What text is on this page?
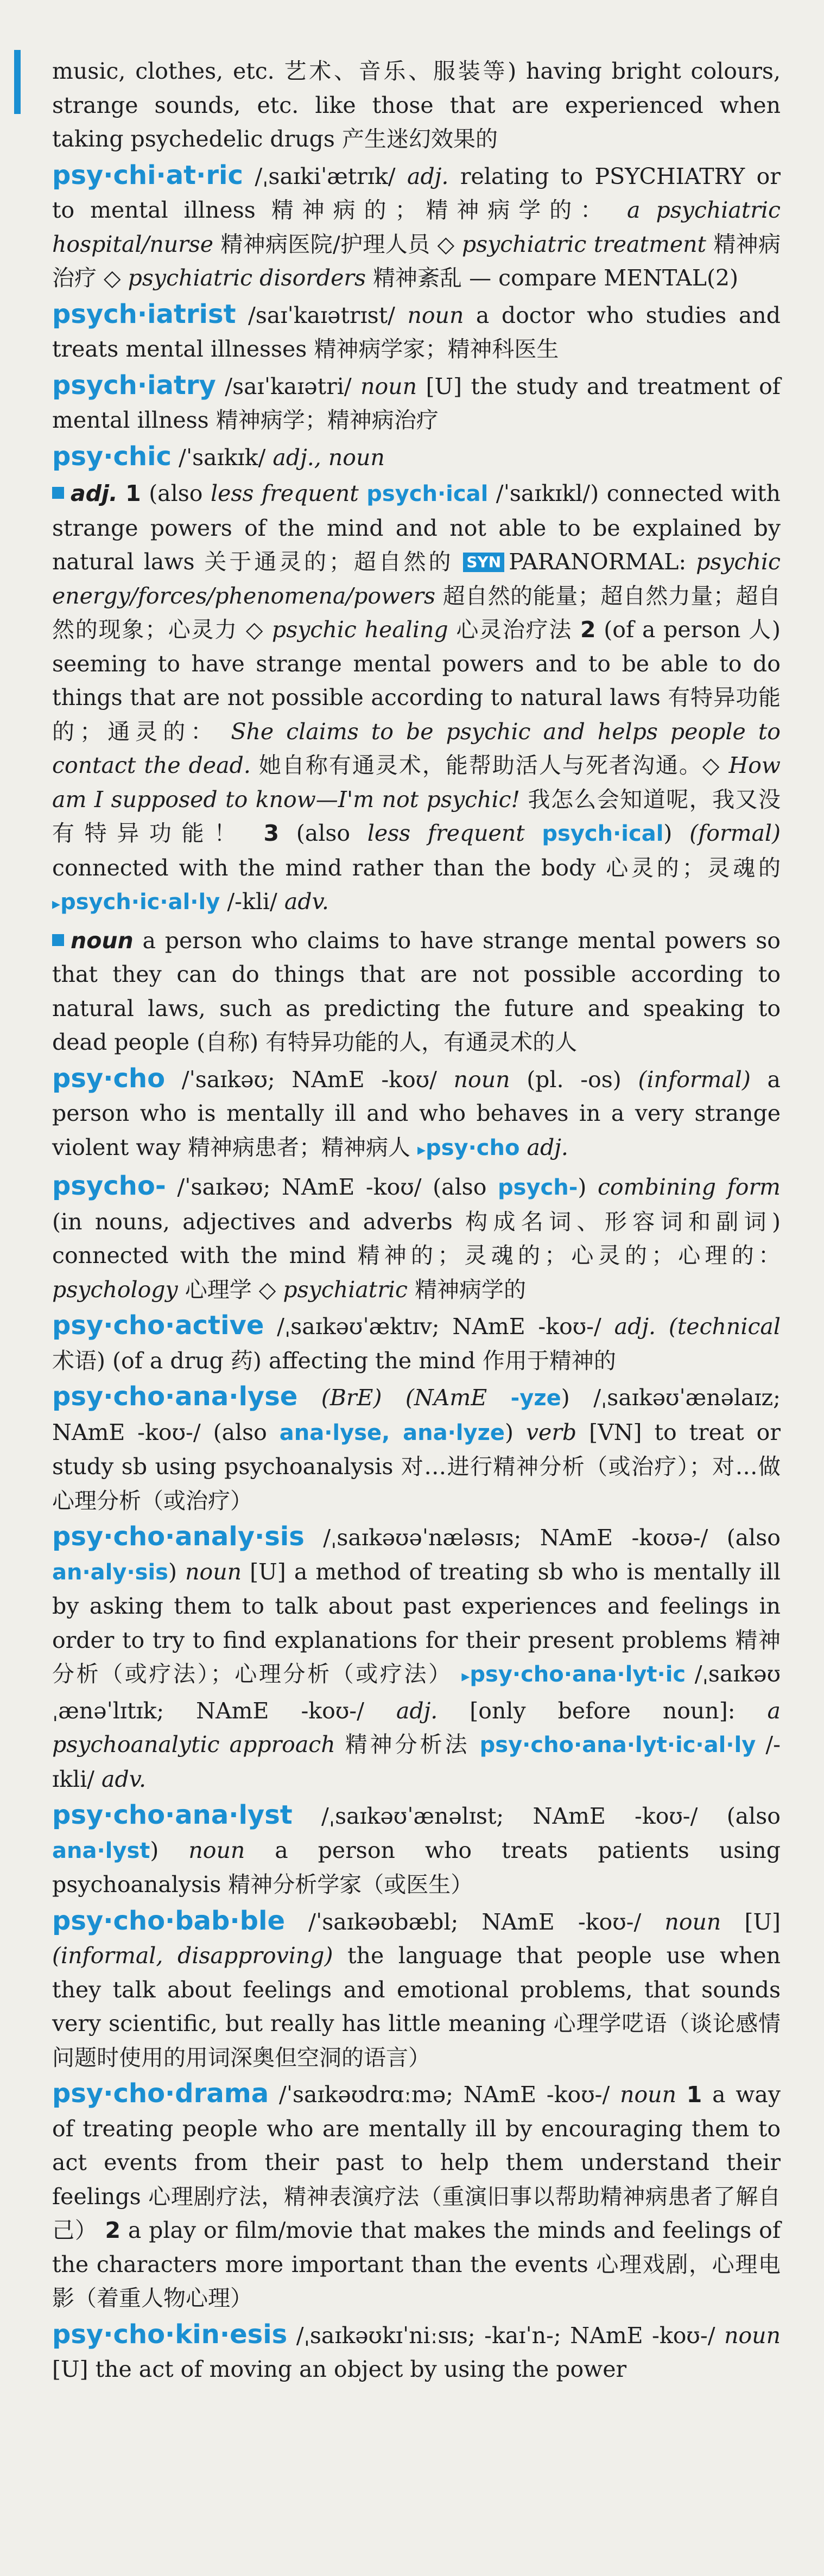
music, clothes, etc. 艺术、音乐、服装等) having bright colours, strange sounds, etc. like those that are experienced when taking psychedelic drugs 产生迷幻效果的

psy·chi·at·ric /ˌsaɪkiˈætrɪk/ adj. relating to PSYCHIATRY or to mental illness 精神病的；精神病学的： a psychiatric hospital/nurse 精神病医院/护理人员 ◇ psychiatric treatment 精神病治疗 ◇ psychiatric disorders 精神紊乱 — compare MENTAL(2)

psych·iatrist /saɪˈkaɪətrɪst/ noun a doctor who studies and treats mental illnesses 精神病学家；精神科医生

psych·iatry /saɪˈkaɪətri/ noun [U] the study and treatment of mental illness 精神病学；精神病治疗

psy·chic /ˈsaɪkɪk/ adj., noun

adj. 1 (also less frequent psych·ical /ˈsaɪkɪkl/) connected with strange powers of the mind and not able to be explained by natural laws 关于通灵的；超自然的 SYN PARANORMAL: psychic energy/forces/phenomena/powers 超自然的能量；超自然力量；超自然的现象；心灵力 ◇ psychic healing 心灵治疗法 2 (of a person 人) seeming to have strange mental powers and to be able to do things that are not possible according to natural laws 有特异功能的；通灵的： She claims to be psychic and helps people to contact the dead. 她自称有通灵术，能帮助活人与死者沟通。◇ How am I supposed to know—I'm not psychic! 我怎么会知道呢，我又没有特异功能！ 3 (also less frequent psych·ical) (formal) connected with the mind rather than the body 心灵的；灵魂的 ▸psych·ic·al·ly /-kli/ adv.

noun a person who claims to have strange mental powers so that they can do things that are not possible according to natural laws, such as predicting the future and speaking to dead people (自称) 有特异功能的人，有通灵术的人

psy·cho /ˈsaɪkəʊ; NAmE -koʊ/ noun (pl. -os) (informal) a person who is mentally ill and who behaves in a very strange violent way 精神病患者；精神病人 ▸psy·cho adj.

psycho- /ˈsaɪkəʊ; NAmE -koʊ/ (also psych-) combining form (in nouns, adjectives and adverbs 构成名词、形容词和副词) connected with the mind 精神的；灵魂的；心灵的；心理的： psychology 心理学 ◇ psychiatric 精神病学的

psy·cho·active /ˌsaɪkəʊˈæktɪv; NAmE -koʊ-/ adj. (technical 术语) (of a drug 药) affecting the mind 作用于精神的

psy·cho·ana·lyse (BrE) (NAmE -yze) /ˌsaɪkəʊˈænəlaɪz; NAmE -koʊ-/ (also ana·lyse, ana·lyze) verb [VN] to treat or study sb using psychoanalysis 对…进行精神分析（或治疗）；对…做心理分析（或治疗）

psy·cho·analy·sis /ˌsaɪkəʊəˈnæləsɪs; NAmE -koʊə-/ (also an·aly·sis) noun [U] a method of treating sb who is mentally ill by asking them to talk about past experiences and feelings in order to try to find explanations for their present problems 精神分析（或疗法）；心理分析（或疗法） ▸psy·cho·ana·lyt·ic /ˌsaɪkəʊˌænəˈlɪtɪk; NAmE -koʊ-/ adj. [only before noun]: a psychoanalytic approach 精神分析法 psy·cho·ana·lyt·ic·al·ly /-ɪkli/ adv.

psy·cho·ana·lyst /ˌsaɪkəʊˈænəlɪst; NAmE -koʊ-/ (also ana·lyst) noun a person who treats patients using psychoanalysis 精神分析学家（或医生）

psy·cho·bab·ble /ˈsaɪkəʊbæbl; NAmE -koʊ-/ noun [U] (informal, disapproving) the language that people use when they talk about feelings and emotional problems, that sounds very scientific, but really has little meaning 心理学呓语（谈论感情问题时使用的用词深奥但空洞的语言）

psy·cho·drama /ˈsaɪkəʊdrɑːmə; NAmE -koʊ-/ noun 1 a way of treating people who are mentally ill by encouraging them to act events from their past to help them understand their feelings 心理剧疗法，精神表演疗法（重演旧事以帮助精神病患者了解自己） 2 a play or film/movie that makes the minds and feelings of the characters more important than the events 心理戏剧，心理电影（着重人物心理）

psy·cho·kin·esis /ˌsaɪkəʊkɪˈniːsɪs; -kaɪˈn-; NAmE -koʊ-/ noun [U] the act of moving an object by using the power
